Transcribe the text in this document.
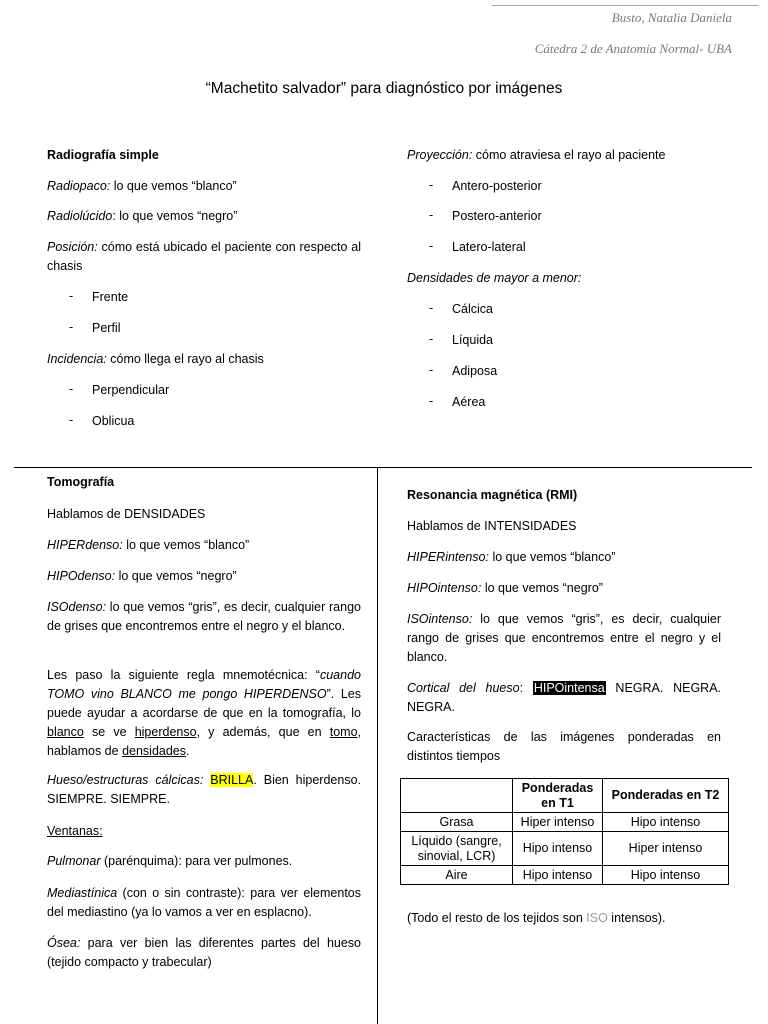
Busto, Natalia Daniela
Cátedra 2 de Anatomia Normal- UBA
“Machetito salvador” para diagnóstico por imágenes
Radiografía simple
Radiopaco: lo que vemos “blanco”
Radiolúcido: lo que vemos “negro”
Posición: cómo está ubicado el paciente con respecto al chasis
- Frente
- Perfil
Incidencia: cómo llega el rayo al chasis
- Perpendicular
- Oblicua
Proyección: cómo atraviesa el rayo al paciente
- Antero-posterior
- Postero-anterior
- Latero-lateral
Densidades de mayor a menor:
- Cálcica
- Líquida
- Adiposa
- Aérea
Tomografía
Hablamos de DENSIDADES
HIPERdenso: lo que vemos “blanco”
HIPOdenso: lo que vemos “negro”
ISOdenso: lo que vemos “gris”, es decir, cualquier rango de grises que encontremos entre el negro y el blanco.
Les paso la siguiente regla mnemotécnica: “cuando TOMO vino BLANCO me pongo HIPERDENSO”. Les puede ayudar a acordarse de que en la tomografía, lo blanco se ve hiperdenso, y además, que en tomo, hablamos de densidades.
Hueso/estructuras cálcicas: BRILLA. Bien hiperdenso. SIEMPRE. SIEMPRE.
Ventanas:
Pulmonar (parénquima): para ver pulmones.
Mediastínica (con o sin contraste): para ver elementos del mediastino (ya lo vamos a ver en esplacno).
Ósea: para ver bien las diferentes partes del hueso (tejido compacto y trabecular)
Resonancia magnética (RMI)
Hablamos de INTENSIDADES
HIPERintenso: lo que vemos “blanco”
HIPOintenso: lo que vemos “negro”
ISOintenso: lo que vemos “gris”, es decir, cualquier rango de grises que encontremos entre el negro y el blanco.
Cortical del hueso: HIPOintensa NEGRA. NEGRA. NEGRA.
Características de las imágenes ponderadas en distintos tiempos
	Ponderadas en T1	Ponderadas en T2
Grasa	Hiper intenso	Hipo intenso
Líquido (sangre, sinovial, LCR)	Hipo intenso	Hiper intenso
Aire	Hipo intenso	Hipo intenso
(Todo el resto de los tejidos son ISO intensos).
